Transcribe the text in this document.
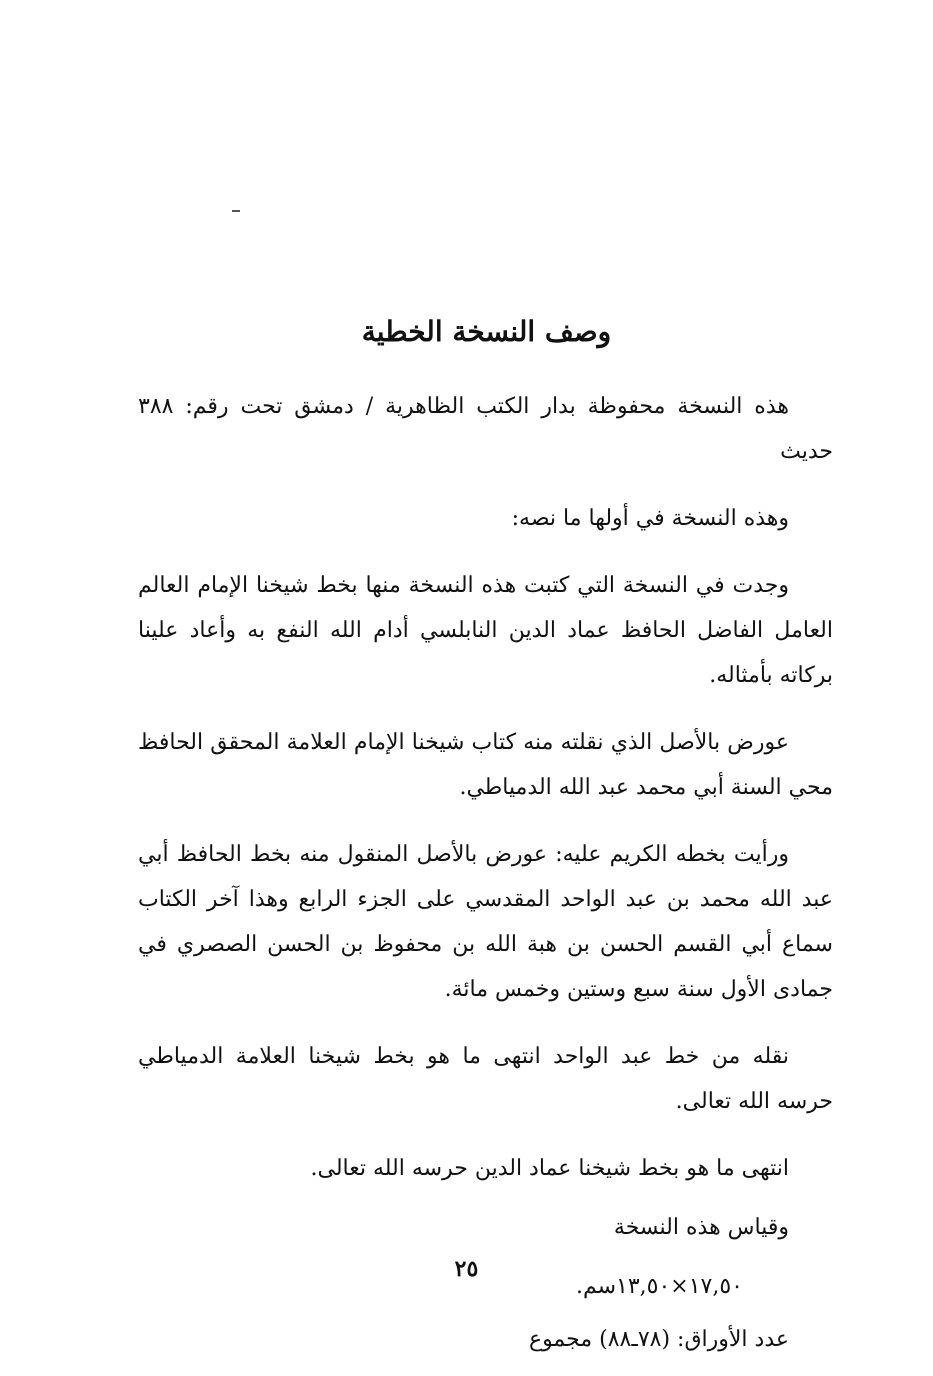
وصف النسخة الخطية

هذه النسخة محفوظة بدار الكتب الظاهرية / دمشق تحت رقم: ٣٨٨ حديث

وهذه النسخة في أولها ما نصه:

وجدت في النسخة التي كتبت هذه النسخة منها بخط شيخنا الإمام العالم العامل الفاضل الحافظ عماد الدين النابلسي أدام الله النفع به وأعاد علينا بركاته بأمثاله.

عورض بالأصل الذي نقلته منه كتاب شيخنا الإمام العلامة المحقق الحافظ محي السنة أبي محمد عبد الله الدمياطي.

ورأيت بخطه الكريم عليه: عورض بالأصل المنقول منه بخط الحافظ أبي عبد الله محمد بن عبد الواحد المقدسي على الجزء الرابع وهذا آخر الكتاب سماع أبي القسم الحسن بن هبة الله بن محفوظ بن الحسن الصصري في جمادى الأول سنة سبع وستين وخمس مائة.

نقله من خط عبد الواحد انتهى ما هو بخط شيخنا العلامة الدمياطي حرسه الله تعالى.

انتهى ما هو بخط شيخنا عماد الدين حرسه الله تعالى.

وقياس هذه النسخة

١٧,٥٠×١٣,٥٠سم.

عدد الأوراق: (٧٨ـ٨٨) مجموع

٢٥
